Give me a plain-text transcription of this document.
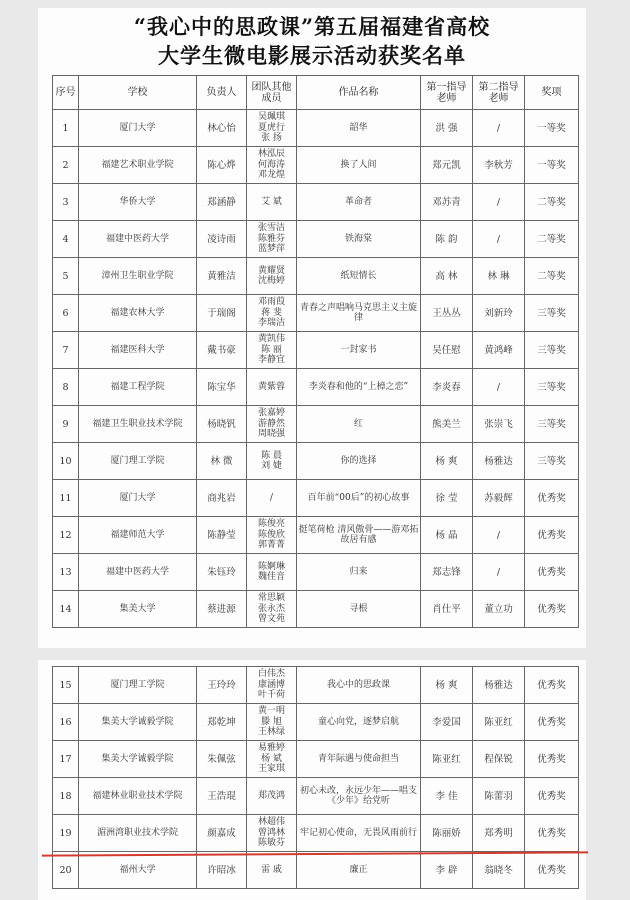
“我心中的思政课”第五届福建省高校
大学生微电影展示活动获奖名单
序号	学校	负责人	团队其他成员	作品名称	第一指导老师	第二指导老师	奖项
1	厦门大学	林心怡	吴珮琪
夏虎行
张 扬	韶华	洪 强	/	一等奖
2	福建艺术职业学院	陈心烨	林泓辰
何海涛
邓龙煌	换了人间	郑元凯	李秋芳	一等奖
3	华侨大学	郑涵静	艾 斌	革命者	邓苏青	/	二等奖
4	福建中医药大学	凌诗雨	张雪洁
陈雅芬
蓝梦萍	铁海棠	陈 韵	/	二等奖
5	漳州卫生职业学院	黄雅洁	黄耀贤
沈梅婷	纸短情长	高 林	林 琳	二等奖
6	福建农林大学	于瑞阁	邓雨葭
蒋 斐
李瑞洁	青春之声唱响马克思主义主旋律	王丛丛	刘新玲	三等奖
7	福建医科大学	戴书豪	黄凯伟
陈 丽
李静宜	一封家书	吴任慰	黄鸿峰	三等奖
8	福建工程学院	陈宝华	黄紫蓉	李炎春和他的“上樟之恋”	李炎春	/	三等奖
9	福建卫生职业技术学院	杨晓钒	张嘉婷
游静然
周晓强	红	熊美兰	张崇飞	三等奖
10	厦门理工学院	林 微	陈 晨
刘 婕	你的选择	杨 爽	杨雅达	三等奖
11	厦门大学	商兆岩	/	百年前“00后”的初心故事	徐 莹	苏毅辉	优秀奖
12	福建师范大学	陈静莹	陈俊亮
陈俊欣
郭菁菁	挺笔荷枪 清风傲骨——游邓拓故居有感	杨 晶	/	优秀奖
13	福建中医药大学	朱钰玲	陈婀琳
魏佳音	归来	郑志锋	/	优秀奖
14	集美大学	蔡进源	常思颖
张永杰
曾文苑	寻根	肖仕平	董立功	优秀奖
15	厦门理工学院	王玲玲	白伟杰
康涵博
叶千荷	我心中的思政课	杨 爽	杨雅达	优秀奖
16	集美大学诚毅学院	郑乾坤	黄一明
滕 旭
王林绿	童心向党，逐梦启航	李爱国	陈亚红	优秀奖
17	集美大学诚毅学院	朱佩弦	易雅婷
杨 斌
王家琪	青年际遇与使命担当	陈亚红	程保锐	优秀奖
18	福建林业职业技术学院	王浩琨	郑茂鸿	初心未改，永远少年——唱支《少年》给党听	李 佳	陈蕾羽	优秀奖
19	湄洲湾职业技术学院	颜嘉成	林超伟
曾鸿林
陈敏芬	牢记初心使命，无畏风雨前行	陈丽娇	郑秀明	优秀奖
20	福州大学	许昭冰	雷 戚	廉正	李 辟	翁晓冬	优秀奖
